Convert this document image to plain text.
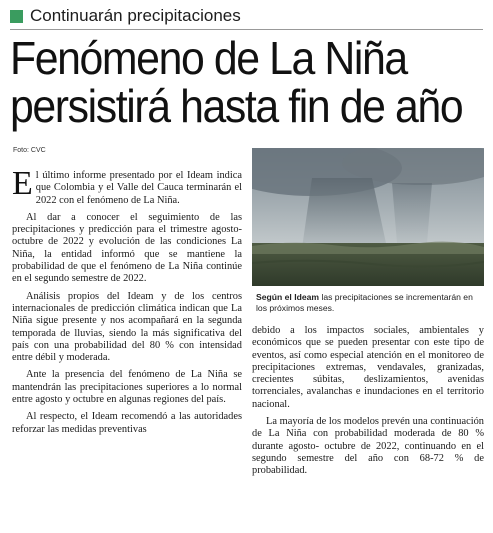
Continuarán precipitaciones
Fenómeno de La Niña
persistirá hasta fin de año
Foto: CVC

El último informe presentado por el Ideam indica que Colombia y el Valle del Cauca terminarán el 2022 con el fenómeno de La Niña.

Al dar a conocer el seguimiento de las precipitaciones y predicción para el trimestre agosto- octubre de 2022 y evolución de las condiciones La Niña, la entidad informó que se mantiene la probabilidad de que el fenómeno de La Niña continúe en el segundo semestre de 2022.

Análisis propios del Ideam y de los centros internacionales de predicción climática indican que La Niña sigue presente y nos acompañará en la segunda temporada de lluvias, siendo la más significativa del país con una probabilidad del 80 % con intensidad entre débil y moderada.

Ante la presencia del fenómeno de La Niña se mantendrán las precipitaciones superiores a lo normal entre agosto y octubre en algunas regiones del país.

Al respecto, el Ideam recomendó a las autoridades reforzar las medidas preventivas

Según el Ideam las precipitaciones se incrementarán en los próximos meses.

debido a los impactos sociales, ambientales y económicos que se pueden presentar con este tipo de eventos, así como especial atención en el monitoreo de precipitaciones extremas, vendavales, granizadas, crecientes súbitas, deslizamientos, avenidas torrenciales, avalanchas e inundaciones en el territorio nacional.

La mayoría de los modelos prevén una continuación de La Niña con probabilidad moderada de 80 % durante agosto- octubre de 2022, continuando en el segundo semestre del año con 68-72 % de probabilidad.
